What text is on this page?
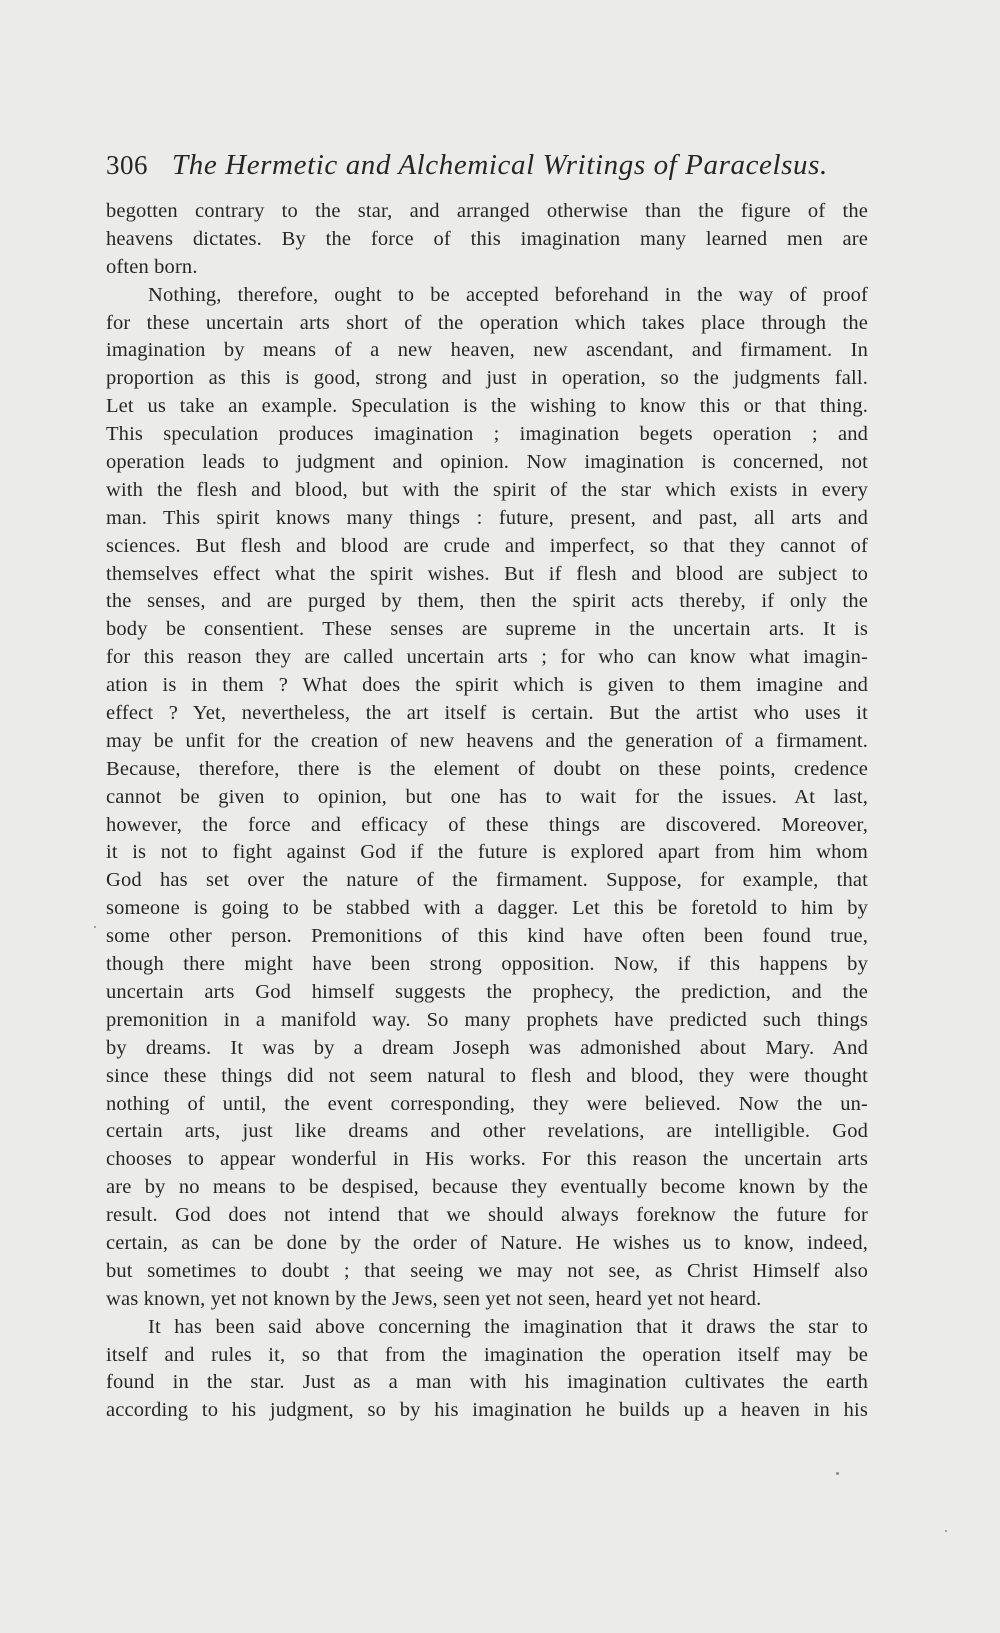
306 The Hermetic and Alchemical Writings of Paracelsus.
begotten contrary to the star, and arranged otherwise than the figure of the
heavens dictates. By the force of this imagination many learned men are
often born.
Nothing, therefore, ought to be accepted beforehand in the way of proof
for these uncertain arts short of the operation which takes place through the
imagination by means of a new heaven, new ascendant, and firmament. In
proportion as this is good, strong and just in operation, so the judgments fall.
Let us take an example. Speculation is the wishing to know this or that thing.
This speculation produces imagination ; imagination begets operation ; and
operation leads to judgment and opinion. Now imagination is concerned, not
with the flesh and blood, but with the spirit of the star which exists in every
man. This spirit knows many things : future, present, and past, all arts and
sciences. But flesh and blood are crude and imperfect, so that they cannot of
themselves effect what the spirit wishes. But if flesh and blood are subject to
the senses, and are purged by them, then the spirit acts thereby, if only the
body be consentient. These senses are supreme in the uncertain arts. It is
for this reason they are called uncertain arts ; for who can know what imagin-
ation is in them ? What does the spirit which is given to them imagine and
effect ? Yet, nevertheless, the art itself is certain. But the artist who uses it
may be unfit for the creation of new heavens and the generation of a firmament.
Because, therefore, there is the element of doubt on these points, credence
cannot be given to opinion, but one has to wait for the issues. At last,
however, the force and efficacy of these things are discovered. Moreover,
it is not to fight against God if the future is explored apart from him whom
God has set over the nature of the firmament. Suppose, for example, that
someone is going to be stabbed with a dagger. Let this be foretold to him by
some other person. Premonitions of this kind have often been found true,
though there might have been strong opposition. Now, if this happens by
uncertain arts God himself suggests the prophecy, the prediction, and the
premonition in a manifold way. So many prophets have predicted such things
by dreams. It was by a dream Joseph was admonished about Mary. And
since these things did not seem natural to flesh and blood, they were thought
nothing of until, the event corresponding, they were believed. Now the un-
certain arts, just like dreams and other revelations, are intelligible. God
chooses to appear wonderful in His works. For this reason the uncertain arts
are by no means to be despised, because they eventually become known by the
result. God does not intend that we should always foreknow the future for
certain, as can be done by the order of Nature. He wishes us to know, indeed,
but sometimes to doubt ; that seeing we may not see, as Christ Himself also
was known, yet not known by the Jews, seen yet not seen, heard yet not heard.
It has been said above concerning the imagination that it draws the star to
itself and rules it, so that from the imagination the operation itself may be
found in the star. Just as a man with his imagination cultivates the earth
according to his judgment, so by his imagination he builds up a heaven in his
